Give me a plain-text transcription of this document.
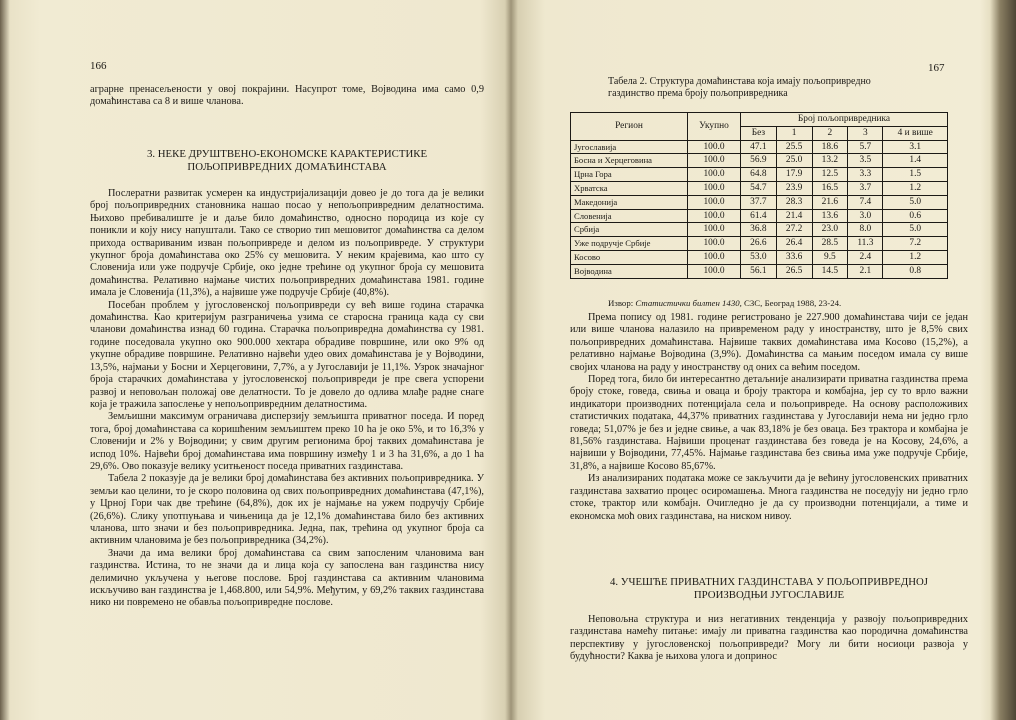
166

аграрне пренасељености у овој покрајини. Насупрот томе, Војводина има само 0,9 домаћинстава са 8 и више чланова.

3. НЕКЕ ДРУШТВЕНО-ЕКОНОМСКЕ КАРАКТЕРИСТИКЕ ПОЉОПРИВРЕДНИХ ДОМАЋИНСТАВА

Послератни развитак усмерен ка индустријализацији довео је до тога да је велики број пољопривредних становника нашао посао у непољопривредним делатностима. Њихово пребивалиште је и даље било домаћинство, односно породица из које су поникли и коју нису напуштали. Тако се створио тип мешовитог домаћинства са делом прихода оствариваним изван пољопривреде и делом из пољопривреде. У структури укупног броја домаћинстава око 25% су мешовита. У неким крајевима, као што су Словенија или уже подручје Србије, око једне трећине од укупног броја су мешовита домаћинства. Релативно најмање чистих пољопривредних домаћинстава 1981. године имала је Словенија (11,3%), а највише уже подручје Србије (40,8%).

Посебан проблем у југословенској пољопривреди су већ више година старачка домаћинства. Као критеријум разграничења узима се старосна граница када су сви чланови домаћинства изнад 60 година. Старачка пољопривредна домаћинства су 1981. године поседовала укупно око 900.000 хектара обрадиве површине, или око 9% од укупне обрадиве површине. Релативно највећи удео ових домаћинстава је у Војводини, 13,5%, најмањи у Босни и Херцеговини, 7,7%, а у Југославији је 11,1%. Узрок значајног броја старачких домаћинстава у југословенској пољопривреди је пре свега успорени развој и неповољан положај ове делатности. То је довело до одлива млађе радне снаге која је тражила запослење у непољопривредним делатностима.

Земљишни максимум ограничава дисперзију земљишта приватног поседа. И поред тога, број домаћинстава са коришћеним земљиштем преко 10 ha је око 5%, и то 16,3% у Словенији и 2% у Војводини; у свим другим регионима број таквих домаћинстава је испод 10%. Највећи број домаћинстава има површину између 1 и 3 ha 31,6%, а до 1 ha 29,6%. Ово показује велику уситњеност поседа приватних газдинстава.

Табела 2 показује да је велики број домаћинстава без активних пољопривредника. У земљи као целини, то је скоро половина од свих пољопривредних домаћинстава (47,1%), у Црној Гори чак две трећине (64,8%), док их је најмање на ужем подручју Србије (26,6%). Слику употпуњава и чињеница да је 12,1% домаћинстава било без активних чланова, што значи и без пољопривредника. Једна, пак, трећина од укупног броја са активним члановима је без пољопривредника (34,2%).

Значи да има велики број домаћинстава са свим запосленим члановима ван газдинства. Истина, то не значи да и лица која су запослена ван газдинства нису делимично укључена у његове послове. Број газдинстава са активним члановима искључиво ван газдинства је 1,468.800, или 54,9%. Међутим, у 69,2% таквих газдинстава нико ни повремено не обавља пољопривредне послове.

167
Табела 2. Структура домаћинстава која имају пољопривредно газдинство према броју пољопривредника
Регион	Укупно	Број пољопривредника				
		Без	1	2	3	4 и више
Југославија	100.0	47.1	25.5	18.6	5.7	3.1
Босна и Херцеговина	100.0	56.9	25.0	13.2	3.5	1.4
Црна Гора	100.0	64.8	17.9	12.5	3.3	1.5
Хрватска	100.0	54.7	23.9	16.5	3.7	1.2
Македонија	100.0	37.7	28.3	21.6	7.4	5.0
Словенија	100.0	61.4	21.4	13.6	3.0	0.6
Србија	100.0	36.8	27.2	23.0	8.0	5.0
Уже подручје Србије	100.0	26.6	26.4	28.5	11.3	7.2
Косово	100.0	53.0	33.6	9.5	2.4	1.2
Војводина	100.0	56.1	26.5	14.5	2.1	0.8
Извор: Статистички билтен 1430, СЗС, Београд 1988, 23-24.

Према попису од 1981. године регистровано је 227.900 домаћинстава чији се један или више чланова налазило на привременом раду у иностранству, што је 8,5% свих пољопривредних домаћинстава. Највише таквих домаћинстава има Косово (15,2%), а релативно најмање Војводина (3,9%). Домаћинства са мањим поседом имала су више својих чланова на раду у иностранству од оних са већим поседом.

Поред тога, било би интересантно детаљније анализирати приватна газдинства према броју стоке, говеда, свиња и оваца и броју трактора и комбајна, јер су то врло важни индикатори производних потенцијала села и пољопривреде. На основу расположивих статистичких података, 44,37% приватних газдинстава у Југославији нема ни једно грло говеда; 51,07% је без и једне свиње, а чак 83,18% је без оваца. Без трактора и комбајна је 81,56% газдинстава. Највиши проценат газдинстава без говеда је на Косову, 24,6%, а највиши у Војводини, 77,45%. Најмање газдинстава без свиња има уже подручје Србије, 31,8%, а највише Косово 85,67%.

Из анализираних података може се закључити да је већину југословенских приватних газдинстава захватио процес осиромашења. Многа газдинства не поседују ни једно грло стоке, трактор или комбајн. Очигледно је да су производни потенцијали, а тиме и економска моћ ових газдинстава, на ниском нивоу.

4. УЧЕШЋЕ ПРИВАТНИХ ГАЗДИНСТАВА У ПОЉОПРИВРЕДНОЈ ПРОИЗВОДЊИ ЈУГОСЛАВИЈЕ

Неповољна структура и низ негативних тенденција у развоју пољопривредних газдинстава намећу питање: имају ли приватна газдинства као породична домаћинства перспективу у југословенској пољопривреди? Могу ли бити носиоци развоја у будућности? Каква је њихова улога и допринос
